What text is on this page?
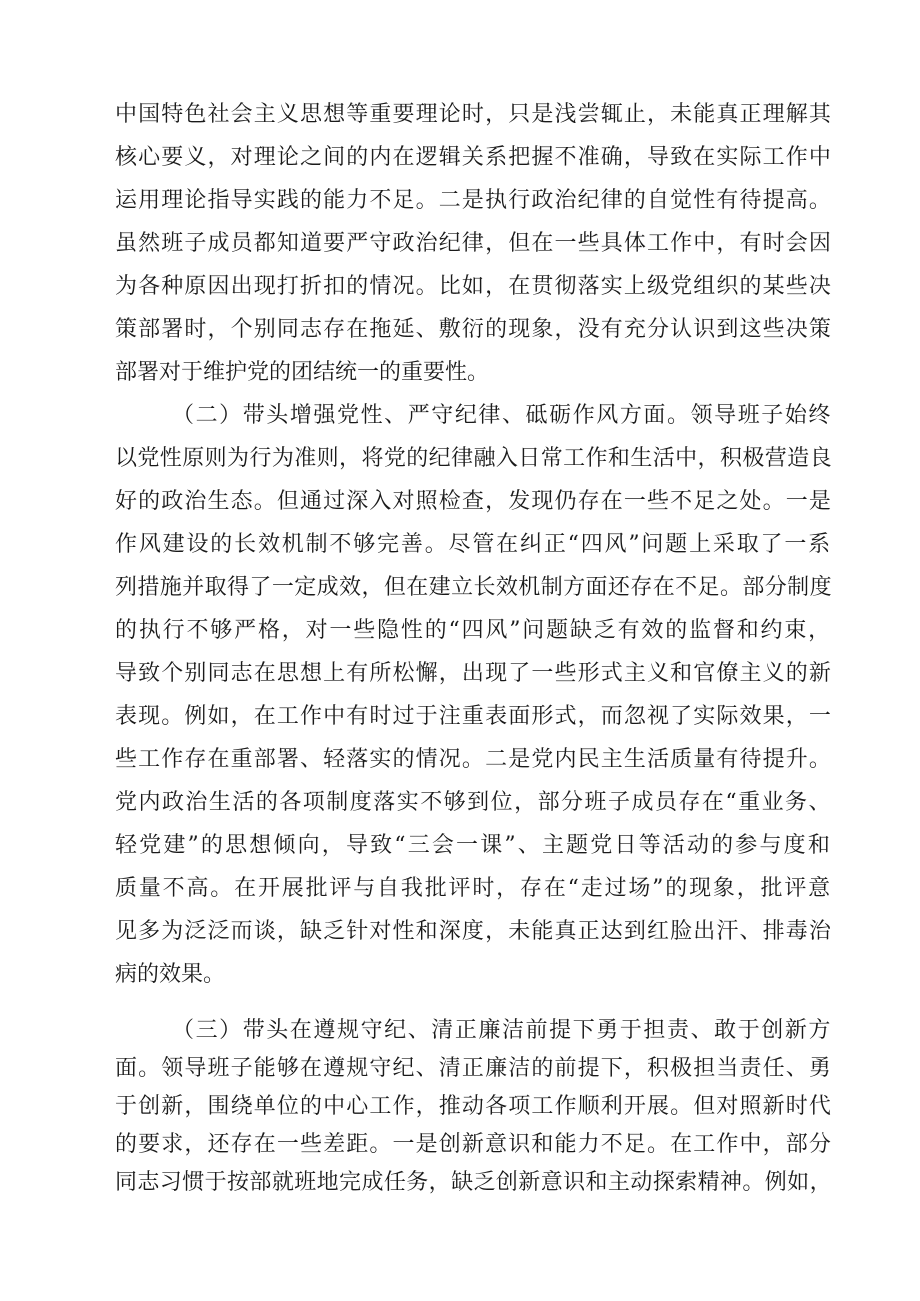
中国特色社会主义思想等重要理论时，只是浅尝辄止，未能真正理解其
核心要义，对理论之间的内在逻辑关系把握不准确，导致在实际工作中
运用理论指导实践的能力不足。二是执行政治纪律的自觉性有待提高。
虽然班子成员都知道要严守政治纪律，但在一些具体工作中，有时会因
为各种原因出现打折扣的情况。比如，在贯彻落实上级党组织的某些决
策部署时，个别同志存在拖延、敷衍的现象，没有充分认识到这些决策
部署对于维护党的团结统一的重要性。
（二）带头增强党性、严守纪律、砥砺作风方面。领导班子始终
以党性原则为行为准则，将党的纪律融入日常工作和生活中，积极营造良
好的政治生态。但通过深入对照检查，发现仍存在一些不足之处。一是
作风建设的长效机制不够完善。尽管在纠正“四风”问题上采取了一系
列措施并取得了一定成效，但在建立长效机制方面还存在不足。部分制度
的执行不够严格，对一些隐性的“四风”问题缺乏有效的监督和约束，
导致个别同志在思想上有所松懈，出现了一些形式主义和官僚主义的新
表现。例如，在工作中有时过于注重表面形式，而忽视了实际效果，一
些工作存在重部署、轻落实的情况。二是党内民主生活质量有待提升。
党内政治生活的各项制度落实不够到位，部分班子成员存在“重业务、
轻党建”的思想倾向，导致“三会一课”、主题党日等活动的参与度和
质量不高。在开展批评与自我批评时，存在“走过场”的现象，批评意
见多为泛泛而谈，缺乏针对性和深度，未能真正达到红脸出汗、排毒治
病的效果。
（三）带头在遵规守纪、清正廉洁前提下勇于担责、敢于创新方
面。领导班子能够在遵规守纪、清正廉洁的前提下，积极担当责任、勇
于创新，围绕单位的中心工作，推动各项工作顺利开展。但对照新时代
的要求，还存在一些差距。一是创新意识和能力不足。在工作中，部分
同志习惯于按部就班地完成任务，缺乏创新意识和主动探索精神。例如，
